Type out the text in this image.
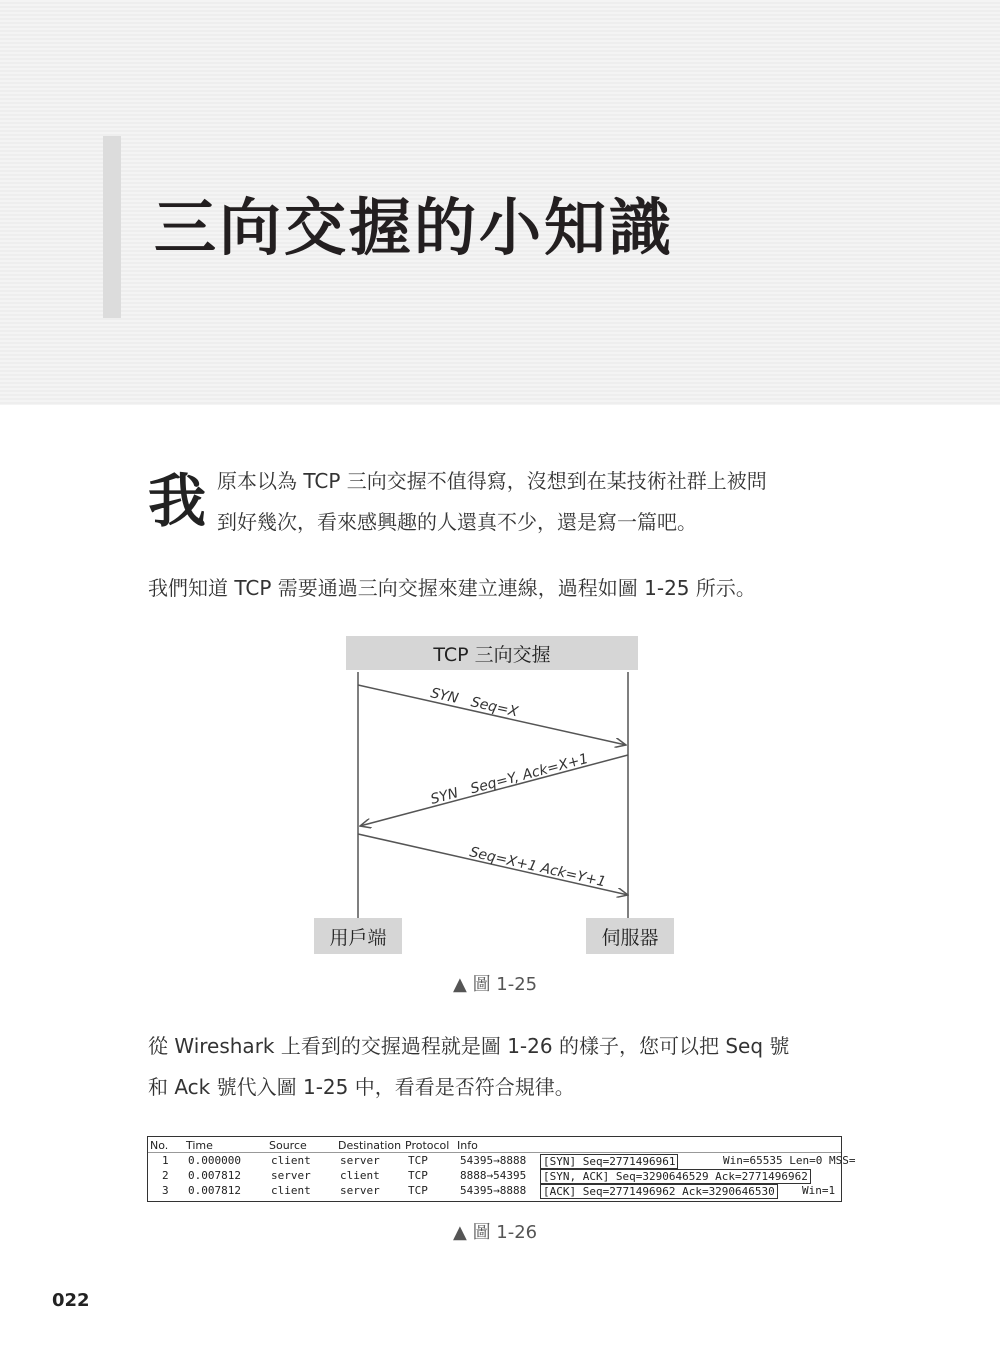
三向交握的小知識
我 原本以為 TCP 三向交握不值得寫，沒想到在某技術社群上被問
到好幾次，看來感興趣的人還真不少，還是寫一篇吧。
我們知道 TCP 需要通過三向交握來建立連線，過程如圖 1-25 所示。
TCP 三向交握
SYN   Seq=X
SYN   Seq=Y, Ack=X+1
Seq=X+1 Ack=Y+1
用戶端	伺服器
▲ 圖 1-25
從 Wireshark 上看到的交握過程就是圖 1-26 的樣子，您可以把 Seq 號
和 Ack 號代入圖 1-25 中，看看是否符合規律。
No. Time	Source	Destination Protocol Info
1 0.000000	client	server	TCP	54395→8888 [SYN] Seq=2771496961	Win=65535 Len=0 MSS=
2 0.007812	server	client	TCP	8888→54395 [SYN, ACK] Seq=3290646529 Ack=2771496962
3 0.007812	client	server	TCP	54395→8888 [ACK] Seq=2771496962 Ack=3290646530 Win=1
▲ 圖 1-26
022
